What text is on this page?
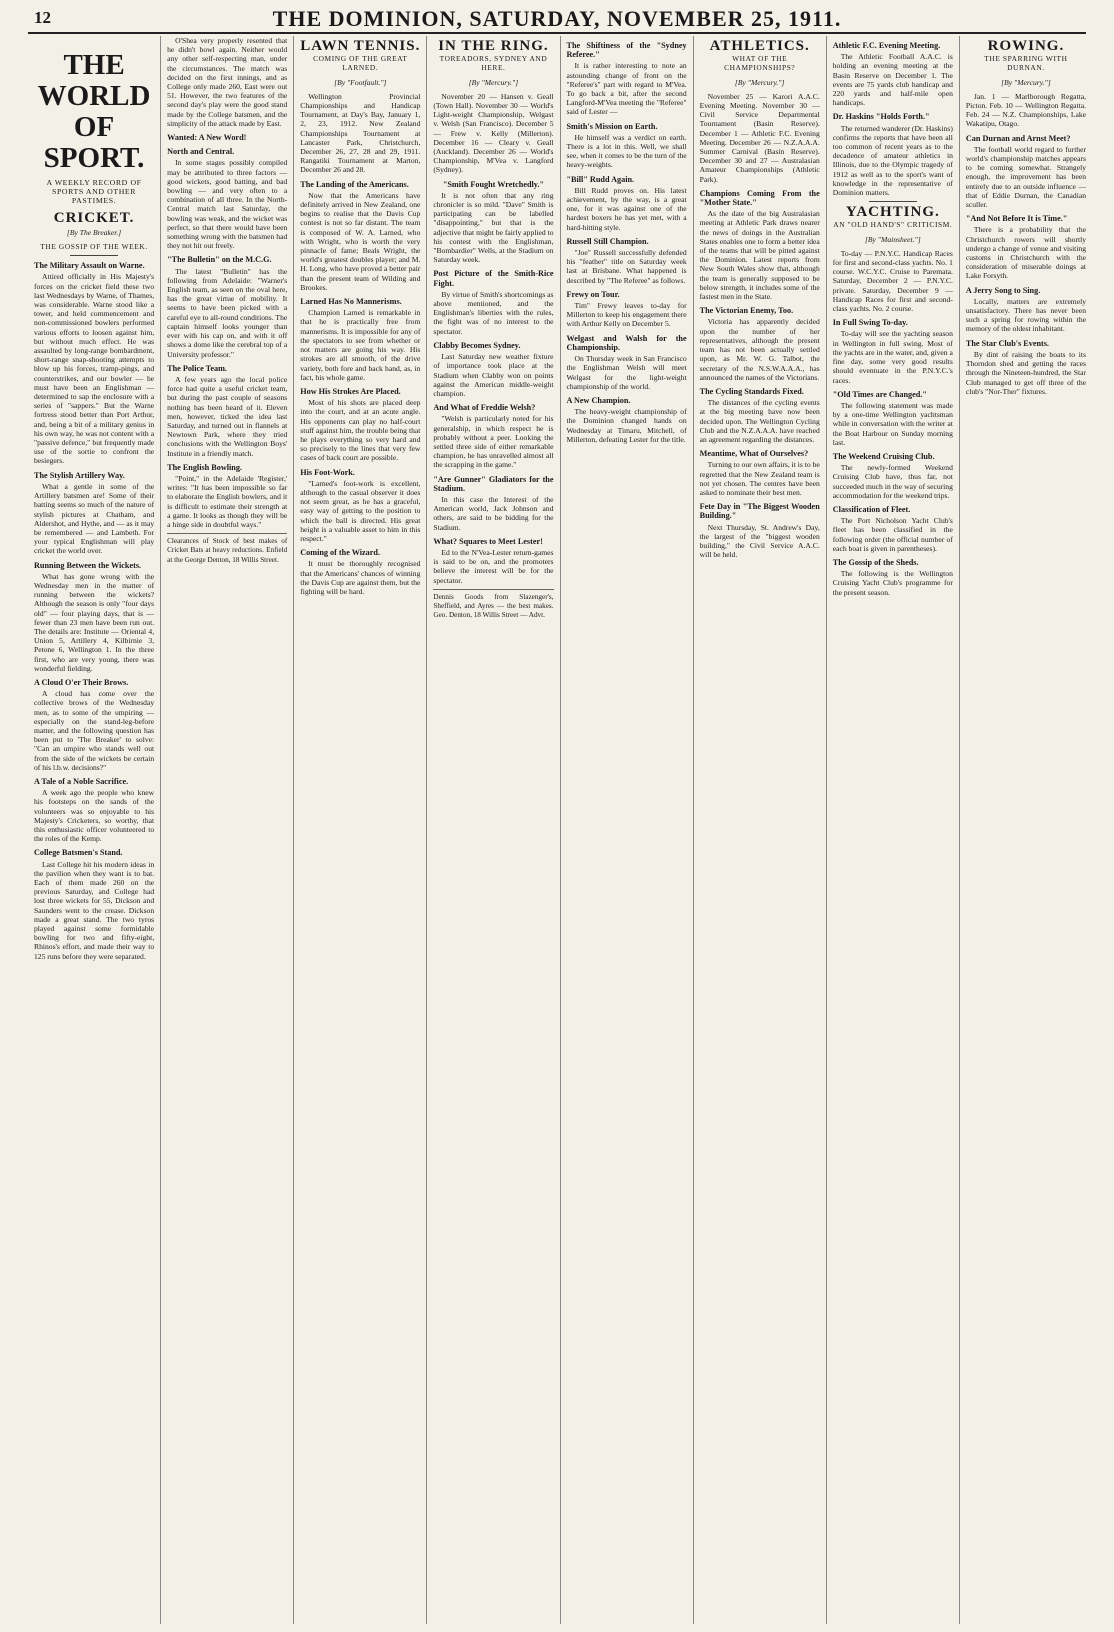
12	THE DOMINION, SATURDAY, NOVEMBER 25, 1911.
THE WORLD OF SPORT.
A WEEKLY RECORD OF SPORTS AND OTHER PASTIMES.
CRICKET.
[By The Breaker.]
THE GOSSIP OF THE WEEK.
The Military Assault on Warne.

Attired officially in His Majesty's forces on the cricket field these two last Wednesdays by Warne, of Thames, was considerable. Warne stood like a tower, and held commencement and non-commissioned bowlers performed various efforts to loosen against him, but without much effect. He was assaulted by long-range bombardment, short-range snap-shooting attempts to blow up his forces, tramp-pings, and counterstrikes, and our bowler — he must have been an Englishman — determined to sap the enclosure with a series of "sappers." But the Warne fortress stood better than Port Arthur, and, being a bit of a military genius in his own way, he was not content with a "passive defence," but frequently made use of the sortie to confront the besiegers.

The Stylish Artillery Way.

What a gentle in some of the Artillery batsmen are! Some of their batting seems so much of the nature of stylish pictures at Chatham, and Aldershot, and Hythe, and — as it may be remembered — and Lambeth. For your typical Englishman will play cricket the world over.

Running Between the Wickets.

What has gone wrong with the Wednesday men in the matter of running between the wickets? Although the season is only "four days old" — four playing days, that is — fewer than 23 men have been run out. The details are: Institute — Oriental 4, Union 5, Artillery 4, Kilbirnie 3, Petone 6, Wellington 1. In the three first, who are very young, there was wonderful fielding.

A Cloud O'er Their Brows.

A cloud has come over the collective brows of the Wednesday men, as to some of the umpiring — especially on the stand-leg-before matter, and the following question has been put to 'The Breaker' to solve: "Can an umpire who stands well out from the side of the wickets be certain of his l.b.w. decisions?"

A Tale of a Noble Sacrifice.

A week ago the people who knew his footsteps on the sands of the volunteers was so enjoyable to his Majesty's Cricketers, so worthy, that this enthusiastic officer volunteered to the roles of the Kemp.

College Batsmen's Stand.

Last College hit his modern ideas in the pavilion when they want is to bat. Each of them made 260 on the previous Saturday, and College had lost three wickets for 55, Dickson and Saunders went to the crease. Dickson made a great stand. The two tyros played against some formidable bowling for two and fifty-eight, Rhinos's effort, and made their way to 125 runs before they were separated.

O'Shea very properly resented that he didn't bowl again. Neither would any other self-respecting man, under the circumstances. The match was decided on the first innings, and as College only made 260, East were out 51. However, the two features of the second day's play were the good stand made by the College batsmen, and the simplicity of the attack made by East.

Wanted: A New Word!
North and Central.

In some stages possibly compiled may be attributed to three factors — good wickets, good batting, and bad bowling — and very often to a combination of all three. In the North-Central match last Saturday, the bowling was weak, and the wicket was perfect, so that there would have been something wrong with the batsmen had they not hit out freely.

"The Bulletin" on the M.C.G.

The latest "Bulletin" has the following from Adelaide: "Warner's English team, as seen on the oval here, has the great virtue of mobility. It seems to have been picked with a careful eye to all-round conditions. The captain himself looks younger than ever with his cap on, and with it off shows a dome like the cerebral top of a University professor."

The Police Team.

A few years ago the local police force had quite a useful cricket team, but during the past couple of seasons nothing has been heard of it. Eleven men, however, ticked the idea last Saturday, and turned out in flannels at Newtown Park, where they tried conclusions with the Wellington Boys' Institute in a friendly match.

The English Bowling.

"Point," in the Adelaide 'Register,' writes: "It has been impossible so far to elaborate the English bowlers, and it is difficult to estimate their strength at a game. It looks as though they will be a hinge side in doubtful ways."

Clearances of Stock of best makes of Cricket Bats at heavy reductions. Enfield at the George Denton, 18 Willis Street.
LAWN TENNIS.
COMING OF THE GREAT LARNED.
[By "Footfault."]

Wellington Provincial Championships and Handicap Tournament, at Day's Bay, January 1, 2, 23, 1912. New Zealand Championships Tournament at Lancaster Park, Christchurch, December 26, 27, 28 and 29, 1911. Rangatiki Tournament at Marton, December 26 and 28.

The Landing of the Americans.

Now that the Americans have definitely arrived in New Zealand, one begins to realise that the Davis Cup contest is not so far distant. The team is composed of W. A. Larned, who with Wright, who is worth the very pinnacle of fame; Beals Wright, the world's greatest doubles player; and M. H. Long, who have proved a better pair than the present team of Wilding and Brookes.

Larned Has No Mannerisms.

Champion Larned is remarkable in that he is practically free from mannerisms. It is impossible for any of the spectators to see from whether or not matters are going his way. His strokes are all smooth, of the drive variety, both fore and back hand, as, in fact, his whole game.

How His Strokes Are Placed.

Most of his shots are placed deep into the court, and at an acute angle. His opponents can play no half-court stuff against him, the trouble being that he plays everything so very hard and so precisely to the lines that very few cases of back court are possible.

His Foot-Work.

"Larned's foot-work is excellent, although to the casual observer it does not seem great, as he has a graceful, easy way of getting to the position to which the ball is directed. His great height is a valuable asset to him in this respect."

Coming of the Wizard.

It must be thoroughly recognised that the Americans' chances of winning the Davis Cup are against them, but the fighting will be hard.

IN THE RING.
TOREADORS, SYDNEY AND HERE.
[By "Mercury."]

November 20 — Hansen v. Geall (Town Hall). November 30 — World's Light-weight Championship, Welgast v. Welsh (San Francisco). December 5 — Frew v. Kelly (Millerton). December 16 — Cleary v. Geall (Auckland). December 26 — World's Championship, M'Vea v. Langford (Sydney).

"Smith Fought Wretchedly."

It is not often that any ring chronicler is so mild. "Dave" Smith is participating can be labelled "disappointing," but that is the adjective that might be fairly applied to his contest with the Englishman, "Bombardier" Wells, at the Stadium on Saturday week.

Post Picture of the Smith-Rice Fight.

By virtue of Smith's shortcomings as above mentioned, and the Englishman's liberties with the rules, the fight was of no interest to the spectator.

Clabby Becomes Sydney.

Last Saturday new weather fixture of importance took place at the Stadium when Clabby won on points against the American middle-weight champion.

And What of Freddie Welsh?

"Welsh is particularly noted for his generalship, in which respect he is probably without a peer. Looking the settled three side of either remarkable champion, he has unravelled almost all the scrapping in the game."

"Are Gunner" Gladiators for the Stadium.

In this case the Interest of the American world, Jack Johnson and others, are said to be bidding for the Stadium.

What? Squares to Meet Lester!

Ed to the N'Vea-Lester return-games is said to be on, and the promoters believe the interest will be for the spectator.

Dennis Goods from Slazenger's, Sheffield, and Ayres — the best makes. Geo. Denton, 18 Willis Street — Advt.
The Shiftiness of the "Sydney Referee."

It is rather interesting to note an astounding change of front on the "Referee's" part with regard to M'Vea. To go back a bit, after the second Langford-M'Vea meeting the "Referee" said of Lester —

Smith's Mission on Earth.

He himself was a verdict on earth. There is a lot in this. Well, we shall see, when it comes to be the turn of the heavy-weights.

"Bill" Rudd Again.

Bill Rudd proves on. His latest achievement, by the way, is a great one, for it was against one of the hardest boxers he has yet met, with a hard-hitting style.

Russell Still Champion.

"Joe" Russell successfully defended his "feather" title on Saturday week last at Brisbane. What happened is described by "The Referee" as follows.

Frewy on Tour.

Tim" Frewy leaves to-day for Millerton to keep his engagement there with Arthur Kelly on December 5.

Welgast and Walsh for the Championship.

On Thursday week in San Francisco the Englishman Welsh will meet Welgast for the light-weight championship of the world.

A New Champion.

The heavy-weight championship of the Dominion changed hands on Wednesday at Timaru, Mitchell, of Millerton, defeating Lester for the title.

ATHLETICS.
WHAT OF THE CHAMPIONSHIPS?
[By "Mercury."]

November 25 — Karori A.A.C. Evening Meeting. November 30 — Civil Service Departmental Tournament (Basin Reserve). December 1 — Athletic F.C. Evening Meeting. December 26 — N.Z.A.A.A. Summer Carnival (Basin Reserve). December 30 and 27 — Australasian Amateur Championships (Athletic Park).

Champions Coming From the "Mother State."

As the date of the big Australasian meeting at Athletic Park draws nearer the news of doings in the Australian States enables one to form a better idea of the teams that will be pitted against the Dominion. Latest reports from New South Wales show that, although the team is generally supposed to be below strength, it includes some of the fastest men in the State.

The Victorian Enemy, Too.

Victoria has apparently decided upon the number of her representatives, although the present team has not been actually settled upon, as Mr. W. G. Talbot, the secretary of the N.S.W.A.A.A., has announced the names of the Victorians.

The Cycling Standards Fixed.

The distances of the cycling events at the big meeting have now been decided upon. The Wellington Cycling Club and the N.Z.A.A.A. have reached an agreement regarding the distances.

Meantime, What of Ourselves?

Turning to our own affairs, it is to be regretted that the New Zealand team is not yet chosen. The centres have been asked to nominate their best men.

Fete Day in "The Biggest Wooden Building."

Next Thursday, St. Andrew's Day, the largest of the "biggest wooden building," the Civil Service A.A.C. will be held.

Athletic F.C. Evening Meeting.

The Athletic Football A.A.C. is holding an evening meeting at the Basin Reserve on December 1. The events are 75 yards club handicap and 220 yards and half-mile open handicaps.

Dr. Haskins "Holds Forth."

The returned wanderer (Dr. Haskins) confirms the reports that have been all too common of recent years as to the decadence of amateur athletics in Illinois, due to the Olympic tragedy of 1912 as well as to the sport's want of knowledge in the representative of Dominion matters.

YACHTING.
AN "OLD HAND'S" CRITICISM.
[By "Mainsheet."]

To-day — P.N.Y.C. Handicap Races for first and second-class yachts. No. 1 course. W.C.Y.C. Cruise to Paremata. Saturday, December 2 — P.N.Y.C. private. Saturday, December 9 — Handicap Races for first and second-class yachts. No. 2 course.

In Full Swing To-day.

To-day will see the yachting season in Wellington in full swing. Most of the yachts are in the water, and, given a fine day, some very good results should eventuate in the P.N.Y.C.'s races.

"Old Times are Changed."

The following statement was made by a one-time Wellington yachtsman while in conversation with the writer at the Boat Harbour on Sunday morning last.

The Weekend Cruising Club.

The newly-formed Weekend Cruising Club have, thus far, not succeeded much in the way of securing accommodation for the weekend trips.

Classification of Fleet.

The Port Nicholson Yacht Club's fleet has been classified in the following order (the official number of each boat is given in parentheses).

The Gossip of the Sheds.

The following is the Wellington Cruising Yacht Club's programme for the present season.

ROWING.
THE SPARRING WITH DURNAN.
[By "Mercury."]

Jan. 1 — Marlborough Regatta, Picton. Feb. 10 — Wellington Regatta. Feb. 24 — N.Z. Championships, Lake Wakatipu, Otago.

Can Durnan and Arnst Meet?

The football world regard to further world's championship matches appears to be coming somewhat. Strangely enough, the improvement has been entirely due to an outside influence — that of Eddie Durnan, the Canadian sculler.

"And Not Before It is Time."

There is a probability that the Christchurch rowers will shortly undergo a change of venue and visiting customs in Christchurch with the consideration of miserable doings at Lake Forsyth.

A Jerry Song to Sing.

Locally, matters are extremely unsatisfactory. There has never been such a spring for rowing within the memory of the oldest inhabitant.

The Star Club's Events.

By dint of raising the boats to its Thorndon shed and getting the races through the Nineteen-hundred, the Star Club managed to get off three of the club's "Nor-Ther" fixtures.
